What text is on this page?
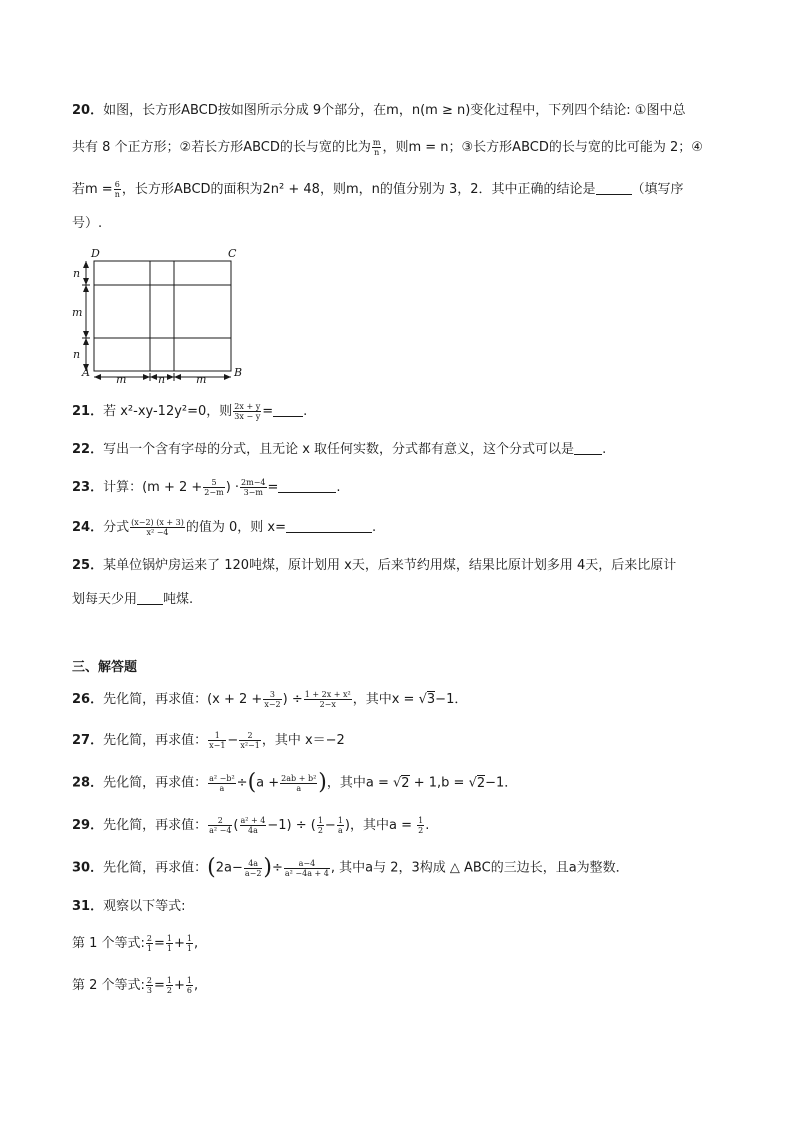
20．如图，长方形ABCD按如图所示分成 9个部分，在m，n(m ≥ n)变化过程中，下列四个结论: ①图中总
共有 8 个正方形；②若长方形ABCD的长与宽的比为 $\frac{m}{n}$ ，则m = n；③长方形ABCD的长与宽的比可能为 2；④
若$m = \frac{6}{n}$ ，长方形ABCD的面积为2n² + 48，则m，n的值分别为 3，2．其中正确的结论是	（填写序
号）.
D	C
A	B
n
m
n
m	n	m
21．若 x²-xy-12y²=0，则 $\frac{2x + y}{3x - y}$ = .
22．写出一个含有字母的分式，且无论 x 取任何实数，分式都有意义，这个分式可以是 .
23．计算：($m + 2 + \frac{5}{2-m}$ ) · $\frac{2m-4}{3-m}$ =	.
24．分式 $\frac{(x-2) (x + 3)}{\text{x² −4}}$ 的值为 0，则 x=	.
25．某单位锅炉房运来了 120吨煤，原计划用 x天，后来节约用煤，结果比原计划多用 4天，后来比原计
划每天少用 吨煤.
三、解答题
26．先化简，再求值：($x + 2 + \frac{3}{x-2}$ ) ÷ $\frac{\text{1 + 2x + x²}}{2-x}$ ，其中x = √3−1．
27．先化简，再求值： $\frac{1}{x-1} - \frac{2}{\text{x²−1}}$ ，其中 x＝−2
28．先化简，再求值： $\frac{\text{a² −b²}}{a} \div(a + \frac{\text{2ab + b²}}{a}$ )，其中a = √2 + 1,b = √2−1．
29．先化简，再求值： $\frac{2}{\text{a² −4}}$ ( $\frac{\text{a² + 4}}{4a} -1$) ÷ ( $\frac{1}{2} - \frac{1}{a}$ )，其中$a = \frac{1}{2}$ .
30．先化简，再求值：($2a- \frac{4a}{a-2}$ )÷ $\frac{a-4}{\text{a² −4a + 4}}$ , 其中a与 2，3构成 △ ABC的三边长，且a为整数．
31．观察以下等式:
第 1 个等式: $\frac{2}{1} = \frac{1}{1} + \frac{1}{1}$ ,
第 2 个等式: $\frac{2}{3} = \frac{1}{2} + \frac{1}{6}$ ,
